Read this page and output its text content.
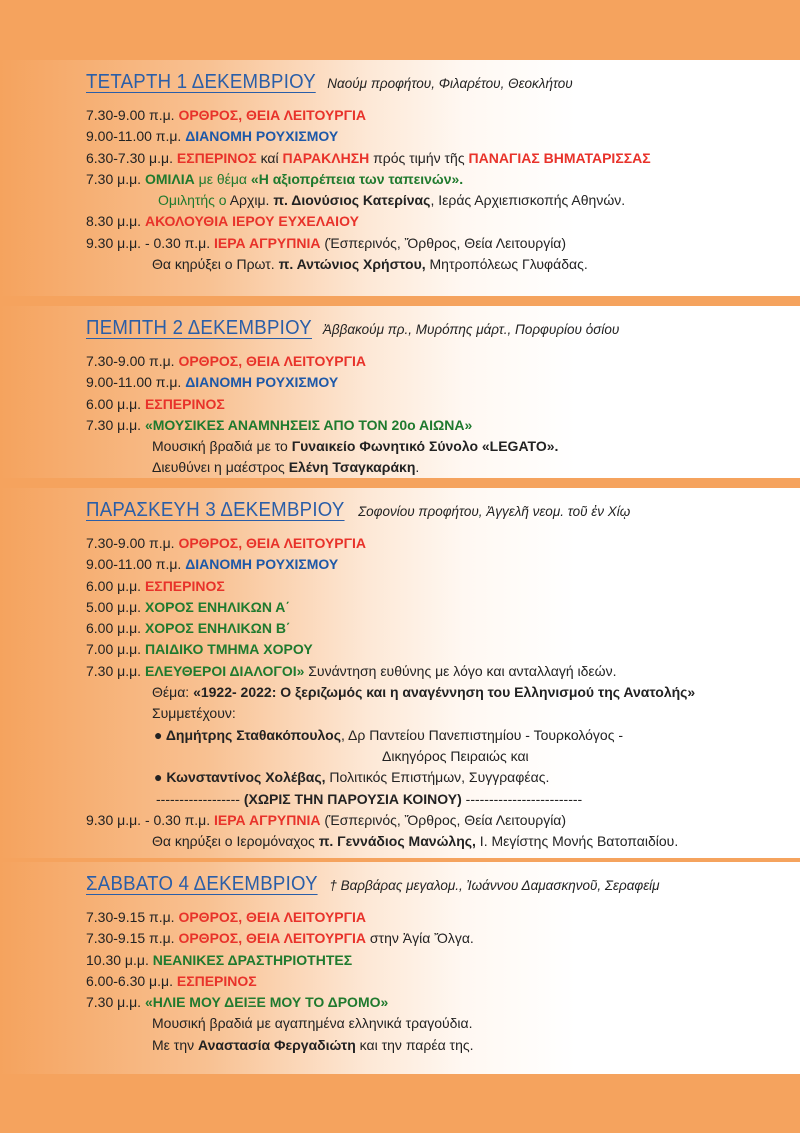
ΤΕΤΑΡΤΗ 1 ΔΕΚΕΜΒΡΙΟΥ Ναούμ προφήτου, Φιλαρέτου, Θεοκλήτου
7.30-9.00 π.μ. ΟΡΘΡΟΣ, ΘΕΙΑ ΛΕΙΤΟΥΡΓΙΑ
9.00-11.00 π.μ. ΔΙΑΝΟΜΗ ΡΟΥΧΙΣΜΟΥ
6.30-7.30 μ.μ. ΕΣΠΕΡΙΝΟΣ καί ΠΑΡΑΚΛΗΣΗ πρός τιμήν τῆς ΠΑΝΑΓΙΑΣ ΒΗΜΑΤΑΡΙΣΣΑΣ
7.30 μ.μ. ΟΜΙΛΙΑ με θέμα «Η αξιοπρέπεια των ταπεινών».
Ομιλητής ο Αρχιμ. π. Διονύσιος Κατερίνας, Ιεράς Αρχιεπισκοπής Αθηνών.
8.30 μ.μ. ΑΚΟΛΟΥΘΙΑ ΙΕΡΟΥ ΕΥΧΕΛΑΙΟΥ
9.30 μ.μ. - 0.30 π.μ. ΙΕΡΑ ΑΓΡΥΠΝΙΑ (Ἑσπερινός, Ὄρθρος, Θεία Λειτουργία)
Θα κηρύξει ο Πρωτ. π. Αντώνιος Χρήστου, Μητροπόλεως Γλυφάδας.
ΠΕΜΠΤΗ 2 ΔΕΚΕΜΒΡΙΟΥ Ἀββακούμ πρ., Μυρόπης μάρτ., Πορφυρίου ὁσίου
7.30-9.00 π.μ. ΟΡΘΡΟΣ, ΘΕΙΑ ΛΕΙΤΟΥΡΓΙΑ
9.00-11.00 π.μ. ΔΙΑΝΟΜΗ ΡΟΥΧΙΣΜΟΥ
6.00 μ.μ. ΕΣΠΕΡΙΝΟΣ
7.30 μ.μ. «ΜΟΥΣΙΚΕΣ ΑΝΑΜΝΗΣΕΙΣ ΑΠΟ ΤΟΝ 20ο ΑΙΩΝΑ»
Μουσική βραδιά με το Γυναικείο Φωνητικό Σύνολο «LEGATO».
Διευθύνει η μαέστρος Ελένη Τσαγκαράκη.
ΠΑΡΑΣΚΕΥΗ 3 ΔΕΚΕΜΒΡΙΟΥ Σοφονίου προφήτου, Ἀγγελῆ νεομ. τοῦ ἐν Χίῳ
7.30-9.00 π.μ. ΟΡΘΡΟΣ, ΘΕΙΑ ΛΕΙΤΟΥΡΓΙΑ
9.00-11.00 π.μ. ΔΙΑΝΟΜΗ ΡΟΥΧΙΣΜΟΥ
6.00 μ.μ. ΕΣΠΕΡΙΝΟΣ
5.00 μ.μ. ΧΟΡΟΣ ΕΝΗΛΙΚΩΝ Α΄
6.00 μ.μ. ΧΟΡΟΣ ΕΝΗΛΙΚΩΝ Β΄
7.00 μ.μ. ΠΑΙΔΙΚΟ ΤΜΗΜΑ ΧΟΡΟΥ
7.30 μ.μ. ΕΛΕΥΘΕΡΟΙ ΔΙΑΛΟΓΟΙ» Συνάντηση ευθύνης με λόγο και ανταλλαγή ιδεών.
Θέμα: «1922- 2022: Ο ξεριζωμός και η αναγέννηση του Ελληνισμού της Ανατολής»
Συμμετέχουν:
● Δημήτρης Σταθακόπουλος, Δρ Παντείου Πανεπιστημίου - Τουρκολόγος -
Δικηγόρος Πειραιώς και
● Κωνσταντίνος Χολέβας, Πολιτικός Επιστήμων, Συγγραφέας.
------------------ (ΧΩΡΙΣ ΤΗΝ ΠΑΡΟΥΣΙΑ ΚΟΙΝΟΥ) -------------------------
9.30 μ.μ. - 0.30 π.μ. ΙΕΡΑ ΑΓΡΥΠΝΙΑ (Ἑσπερινός, Ὄρθρος, Θεία Λειτουργία)
Θα κηρύξει ο Ιερομόναχος π. Γεννάδιος Μανώλης, Ι. Μεγίστης Μονής Βατοπαιδίου.
ΣΑΒΒΑΤΟ 4 ΔΕΚΕΜΒΡΙΟΥ † Βαρβάρας μεγαλομ., Ἰωάννου Δαμασκηνοῦ, Σεραφείμ
7.30-9.15 π.μ. ΟΡΘΡΟΣ, ΘΕΙΑ ΛΕΙΤΟΥΡΓΙΑ
7.30-9.15 π.μ. ΟΡΘΡΟΣ, ΘΕΙΑ ΛΕΙΤΟΥΡΓΙΑ στην Ἁγία Ὄλγα.
10.30 μ.μ. ΝΕΑΝΙΚΕΣ ΔΡΑΣΤΗΡΙΟΤΗΤΕΣ
6.00-6.30 μ.μ. ΕΣΠΕΡΙΝΟΣ
7.30 μ.μ. «ΗΛΙΕ ΜΟΥ ΔΕΙΞΕ ΜΟΥ ΤΟ ΔΡΟΜΟ»
Μουσική βραδιά με αγαπημένα ελληνικά τραγούδια.
Με την Αναστασία Φεργαδιώτη και την παρέα της.
